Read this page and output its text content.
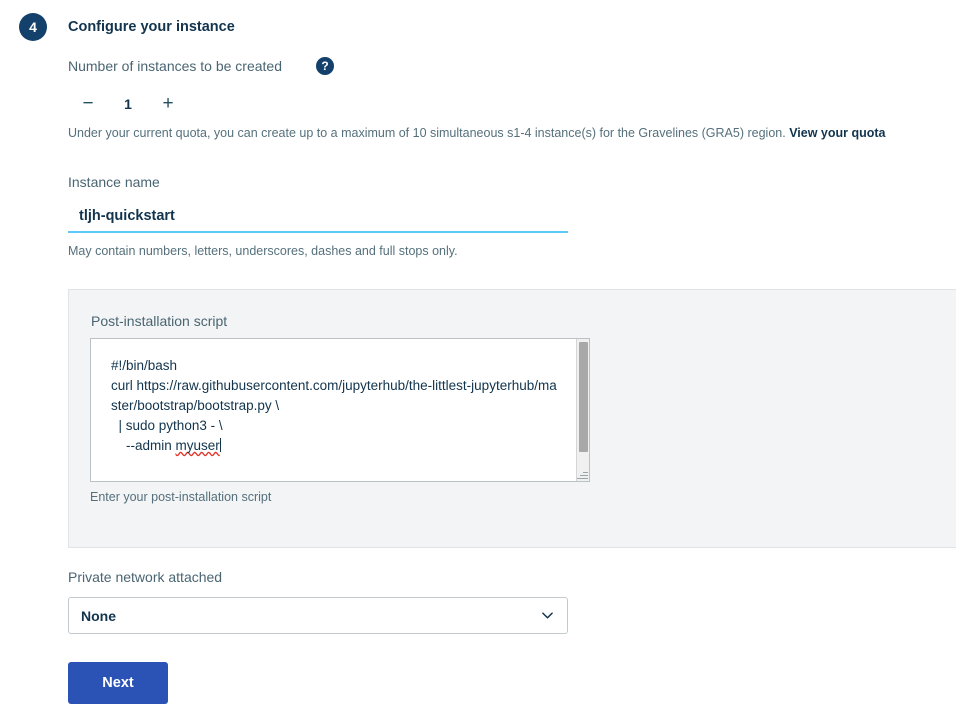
4	Configure your instance
Number of instances to be created	?
−	1	+
Under your current quota, you can create up to a maximum of 10 simultaneous s1-4 instance(s) for the Gravelines (GRA5) region. View your quota
Instance name
tljh-quickstart
May contain numbers, letters, underscores, dashes and full stops only.
Post-installation script
#!/bin/bash
curl https://raw.githubusercontent.com/jupyterhub/the-littlest-jupyterhub/master/bootstrap/bootstrap.py \
| sudo python3 - \
--admin myuser
Enter your post-installation script
Private network attached
None
Next
